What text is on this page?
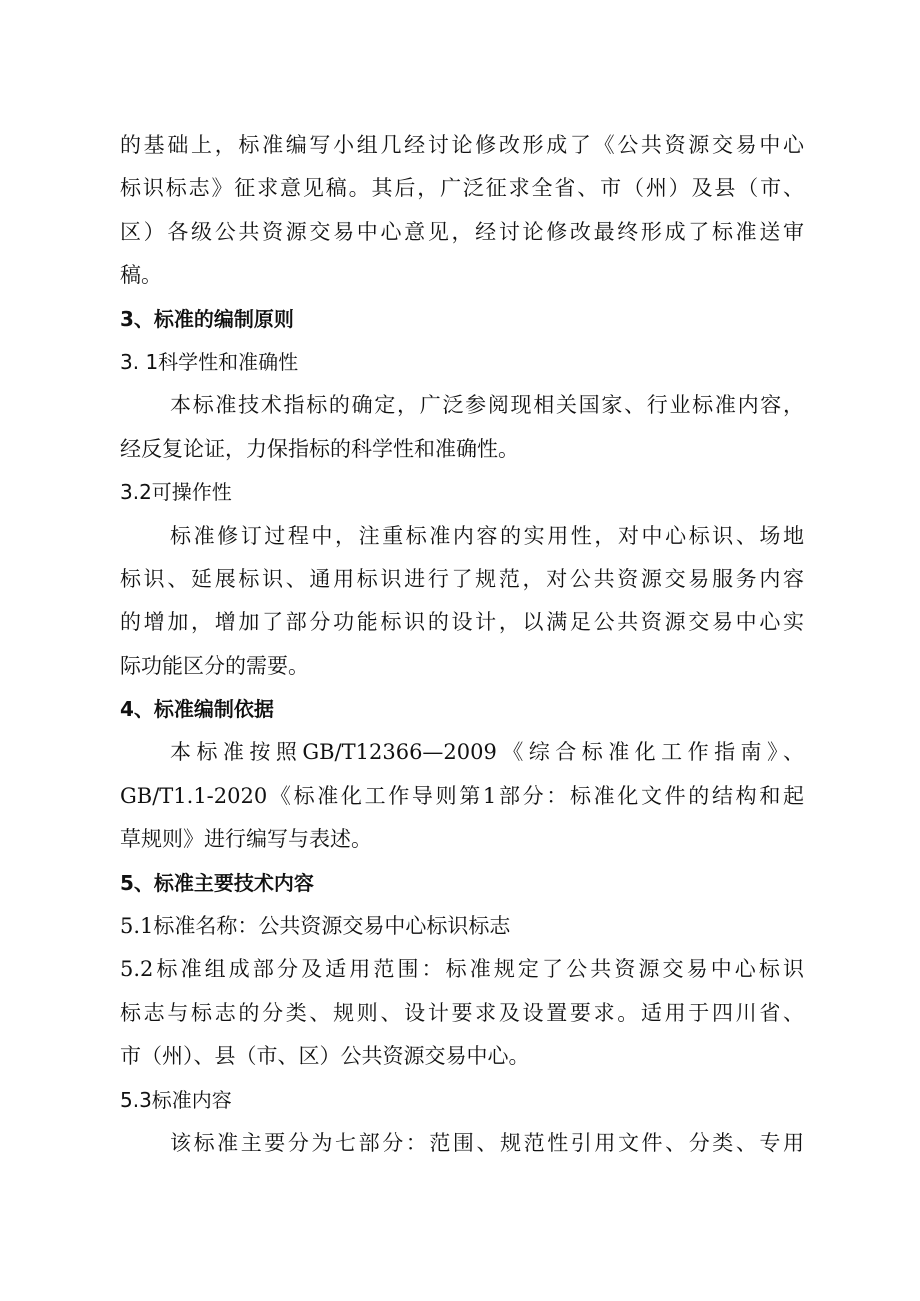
的基础上，标准编写小组几经讨论修改形成了《公共资源交易中心
标识标志》征求意见稿。其后，广泛征求全省、市（州）及县（市、
区）各级公共资源交易中心意见，经讨论修改最终形成了标准送审
稿。
3、标准的编制原则
3. 1科学性和准确性
本标准技术指标的确定，广泛参阅现相关国家、行业标准内容，
经反复论证，力保指标的科学性和准确性。
3.2可操作性
标准修订过程中，注重标准内容的实用性，对中心标识、场地
标识、延展标识、通用标识进行了规范，对公共资源交易服务内容
的增加，增加了部分功能标识的设计，以满足公共资源交易中心实
际功能区分的需要。
4、标准编制依据
本标准按照GB/T12366—2009《综合标准化工作指南》、
GB/T1.1-2020《标准化工作导则第1部分：标准化文件的结构和起
草规则》进行编写与表述。
5、标准主要技术内容
5.1标准名称：公共资源交易中心标识标志
5.2标准组成部分及适用范围：标准规定了公共资源交易中心标识
标志与标志的分类、规则、设计要求及设置要求。适用于四川省、
市（州）、县（市、区）公共资源交易中心。
5.3标准内容
该标准主要分为七部分：范围、规范性引用文件、分类、专用
